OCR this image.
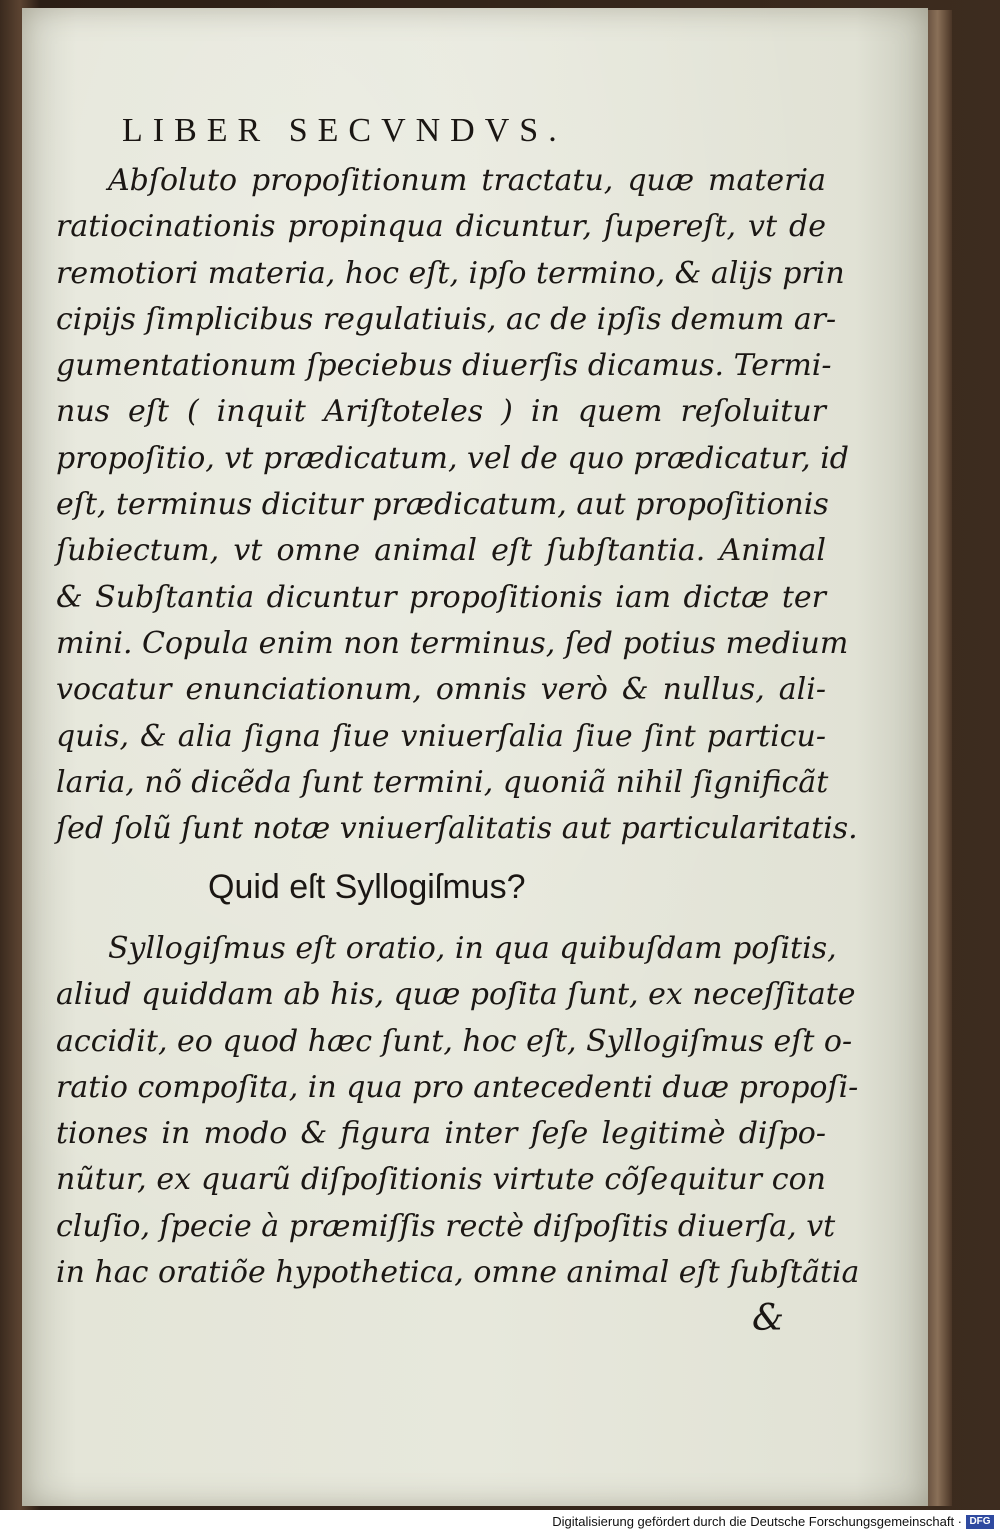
LIBER SECVNDVS.
Abſoluto propoſitionum tractatu, quæ materia
ratiocinationis propinqua dicuntur, ſupereſt, vt de
remotiori materia, hoc eſt, ipſo termino, & alijs prin
cipijs ſimplicibus regulatiuis, ac de ipſis demum ar-
gumentationum ſpeciebus diuerſis dicamus. Termi-
nus eſt ( inquit Ariſtoteles ) in quem reſoluitur
propoſitio, vt prædicatum, vel de quo prædicatur, id
eſt, terminus dicitur prædicatum, aut propoſitionis
ſubiectum, vt omne animal eſt ſubſtantia. Animal
& Subſtantia dicuntur propoſitionis iam dictæ ter
mini. Copula enim non terminus, ſed potius medium
vocatur enunciationum, omnis verò & nullus, ali-
quis, & alia ſigna ſiue vniuerſalia ſiue ſint particu-
laria, nõ dicẽda ſunt termini, quoniã nihil ſignificãt
ſed ſolũ ſunt notæ vniuerſalitatis aut particularitatis.
Quid eſt Syllogiſmus?
Syllogiſmus eſt oratio, in qua quibuſdam poſitis,
aliud quiddam ab his, quæ poſita ſunt, ex neceſſitate
accidit, eo quod hæc ſunt, hoc eſt, Syllogiſmus eſt o-
ratio compoſita, in qua pro antecedenti duæ propoſi-
tiones in modo & figura inter ſeſe legitimè diſpo-
nũtur, ex quarũ diſpoſitionis virtute cõſequitur con
cluſio, ſpecie à præmiſſis rectè diſpoſitis diuerſa, vt
in hac oratiõe hypothetica, omne animal eſt ſubſtãtia
&
Digitalisierung gefördert durch die Deutsche Forschungsgemeinschaft · DFG
